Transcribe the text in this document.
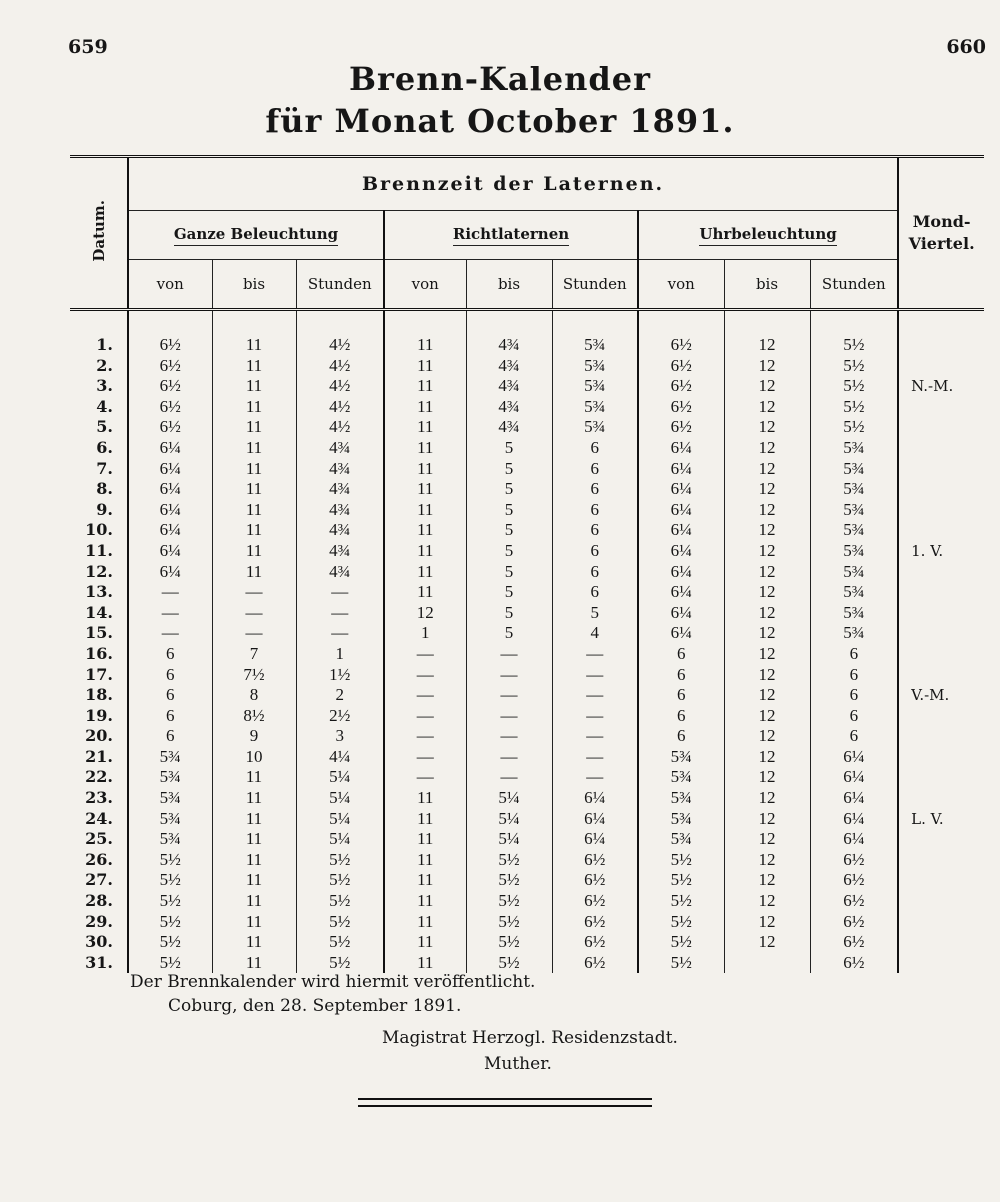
659	660
Brenn-Kalender
für Monat October 1891.
Datum.	Brennzeit der Laternen.									Mond-
Viertel.

	Ganze Beleuchtung			Richtlaternen			Uhrbeleuchtung			
	von	bis	Stunden	von	bis	Stunden	von	bis	Stunden	

1.	6½	11	4½	11	4¾	5¾	6½	12	5½	
2.	6½	11	4½	11	4¾	5¾	6½	12	5½	
3.	6½	11	4½	11	4¾	5¾	6½	12	5½	N.-M.
4.	6½	11	4½	11	4¾	5¾	6½	12	5½	
5.	6½	11	4½	11	4¾	5¾	6½	12	5½	
6.	6¼	11	4¾	11	5	6	6¼	12	5¾	
7.	6¼	11	4¾	11	5	6	6¼	12	5¾	
8.	6¼	11	4¾	11	5	6	6¼	12	5¾	
9.	6¼	11	4¾	11	5	6	6¼	12	5¾	
10.	6¼	11	4¾	11	5	6	6¼	12	5¾	
11.	6¼	11	4¾	11	5	6	6¼	12	5¾	1. V.
12.	6¼	11	4¾	11	5	6	6¼	12	5¾	
13.	—	—	—	11	5	6	6¼	12	5¾	
14.	—	—	—	12	5	5	6¼	12	5¾	
15.	—	—	—	1	5	4	6¼	12	5¾	
16.	6	7	1	—	—	—	6	12	6	
17.	6	7½	1½	—	—	—	6	12	6	
18.	6	8	2	—	—	—	6	12	6	V.-M.
19.	6	8½	2½	—	—	—	6	12	6	
20.	6	9	3	—	—	—	6	12	6	
21.	5¾	10	4¼	—	—	—	5¾	12	6¼	
22.	5¾	11	5¼	—	—	—	5¾	12	6¼	
23.	5¾	11	5¼	11	5¼	6¼	5¾	12	6¼	
24.	5¾	11	5¼	11	5¼	6¼	5¾	12	6¼	L. V.
25.	5¾	11	5¼	11	5¼	6¼	5¾	12	6¼	
26.	5½	11	5½	11	5½	6½	5½	12	6½	
27.	5½	11	5½	11	5½	6½	5½	12	6½	
28.	5½	11	5½	11	5½	6½	5½	12	6½	
29.	5½	11	5½	11	5½	6½	5½	12	6½	
30.	5½	11	5½	11	5½	6½	5½	12	6½	
31.	5½	11	5½	11	5½	6½	5½		6½	
Der Brennkalender wird hiermit veröffentlicht.
Coburg, den 28. September 1891.
Magistrat Herzogl. Residenzstadt.
Muther.
